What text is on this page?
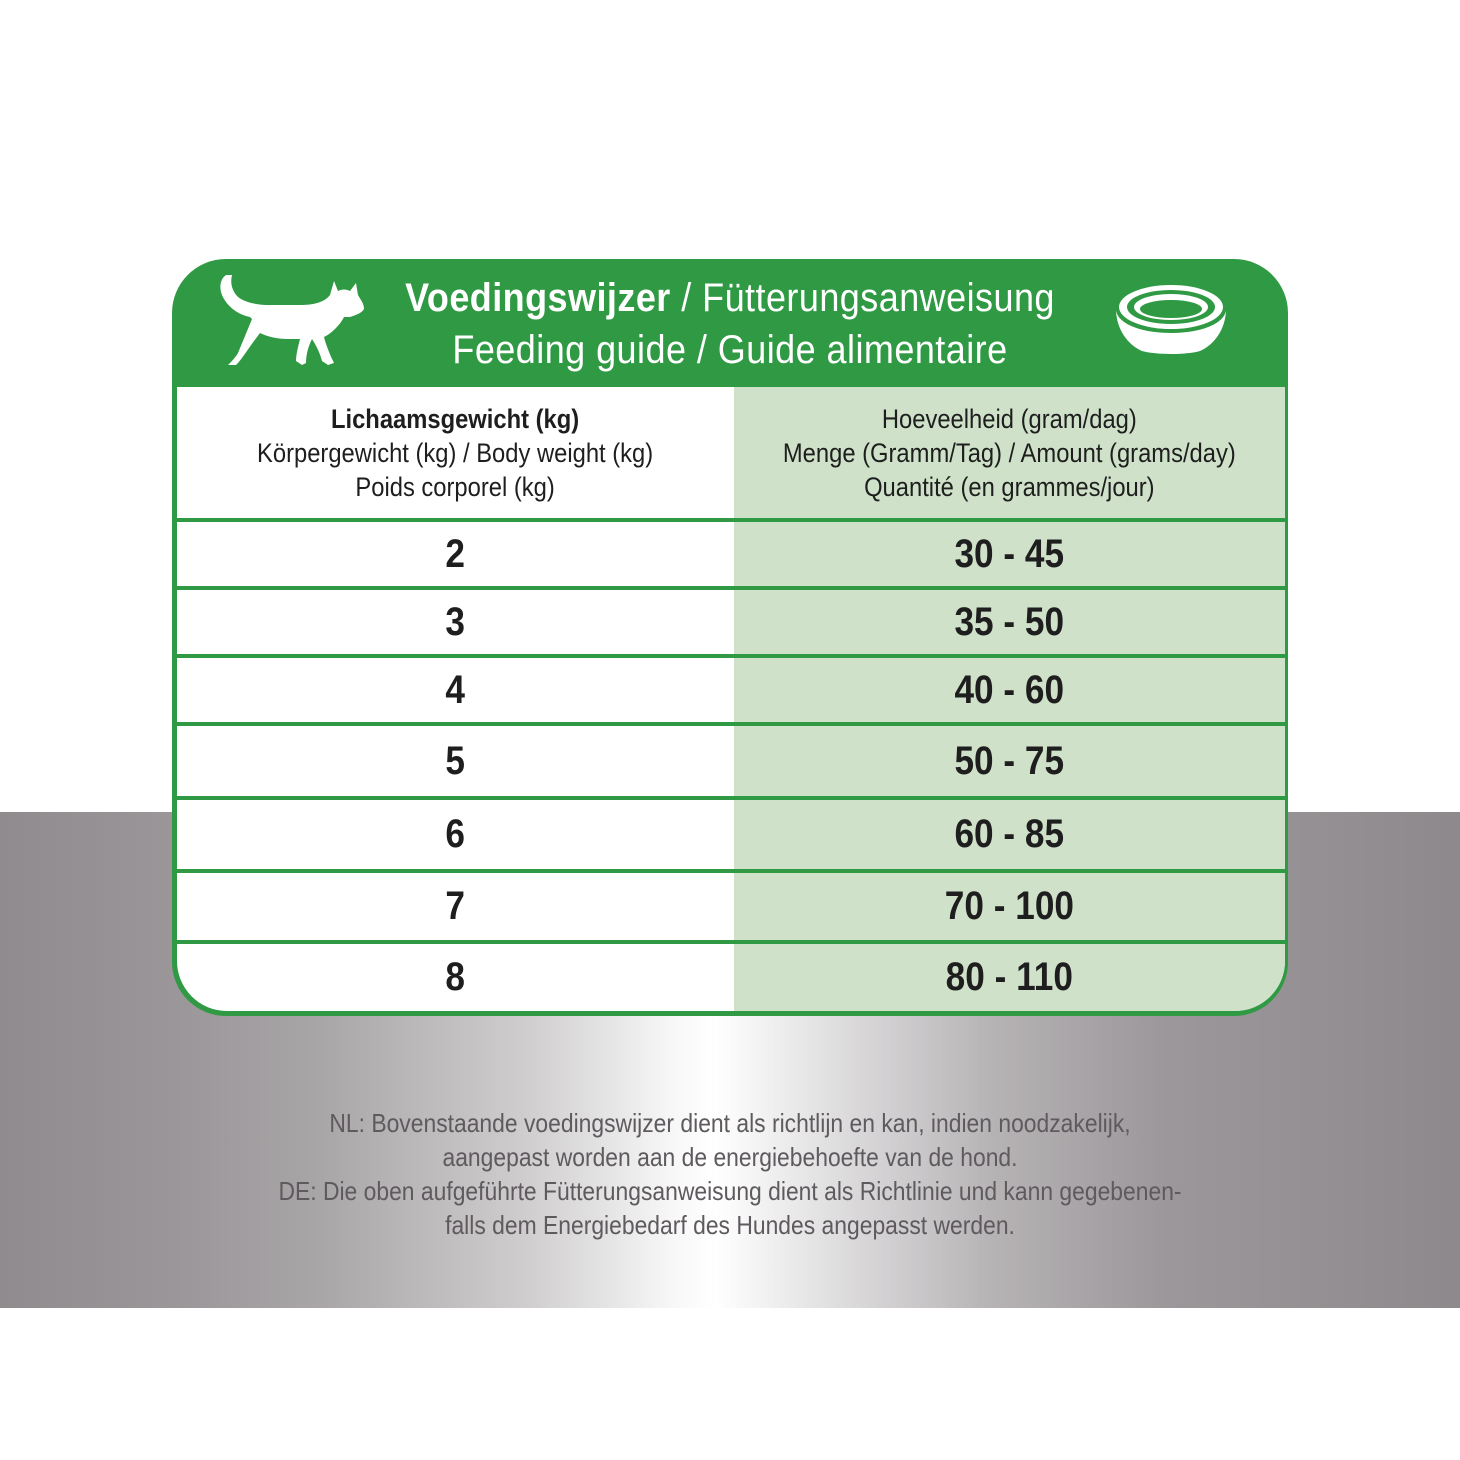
Voedingswijzer / Fütterungsanweisung
Feeding guide / Guide alimentaire
Lichaamsgewicht (kg)
Körpergewicht (kg) / Body weight (kg)
Poids corporel (kg)
Hoeveelheid (gram/dag)
Menge (Gramm/Tag) / Amount (grams/day)
Quantité (en grammes/jour)
2	30 - 45
3	35 - 50
4	40 - 60
5	50 - 75
6	60 - 85
7	70 - 100
8	80 - 110
NL: Bovenstaande voedingswijzer dient als richtlijn en kan, indien noodzakelijk,
aangepast worden aan de energiebehoefte van de hond.
DE: Die oben aufgeführte Fütterungsanweisung dient als Richtlinie und kann gegebenen-
falls dem Energiebedarf des Hundes angepasst werden.
